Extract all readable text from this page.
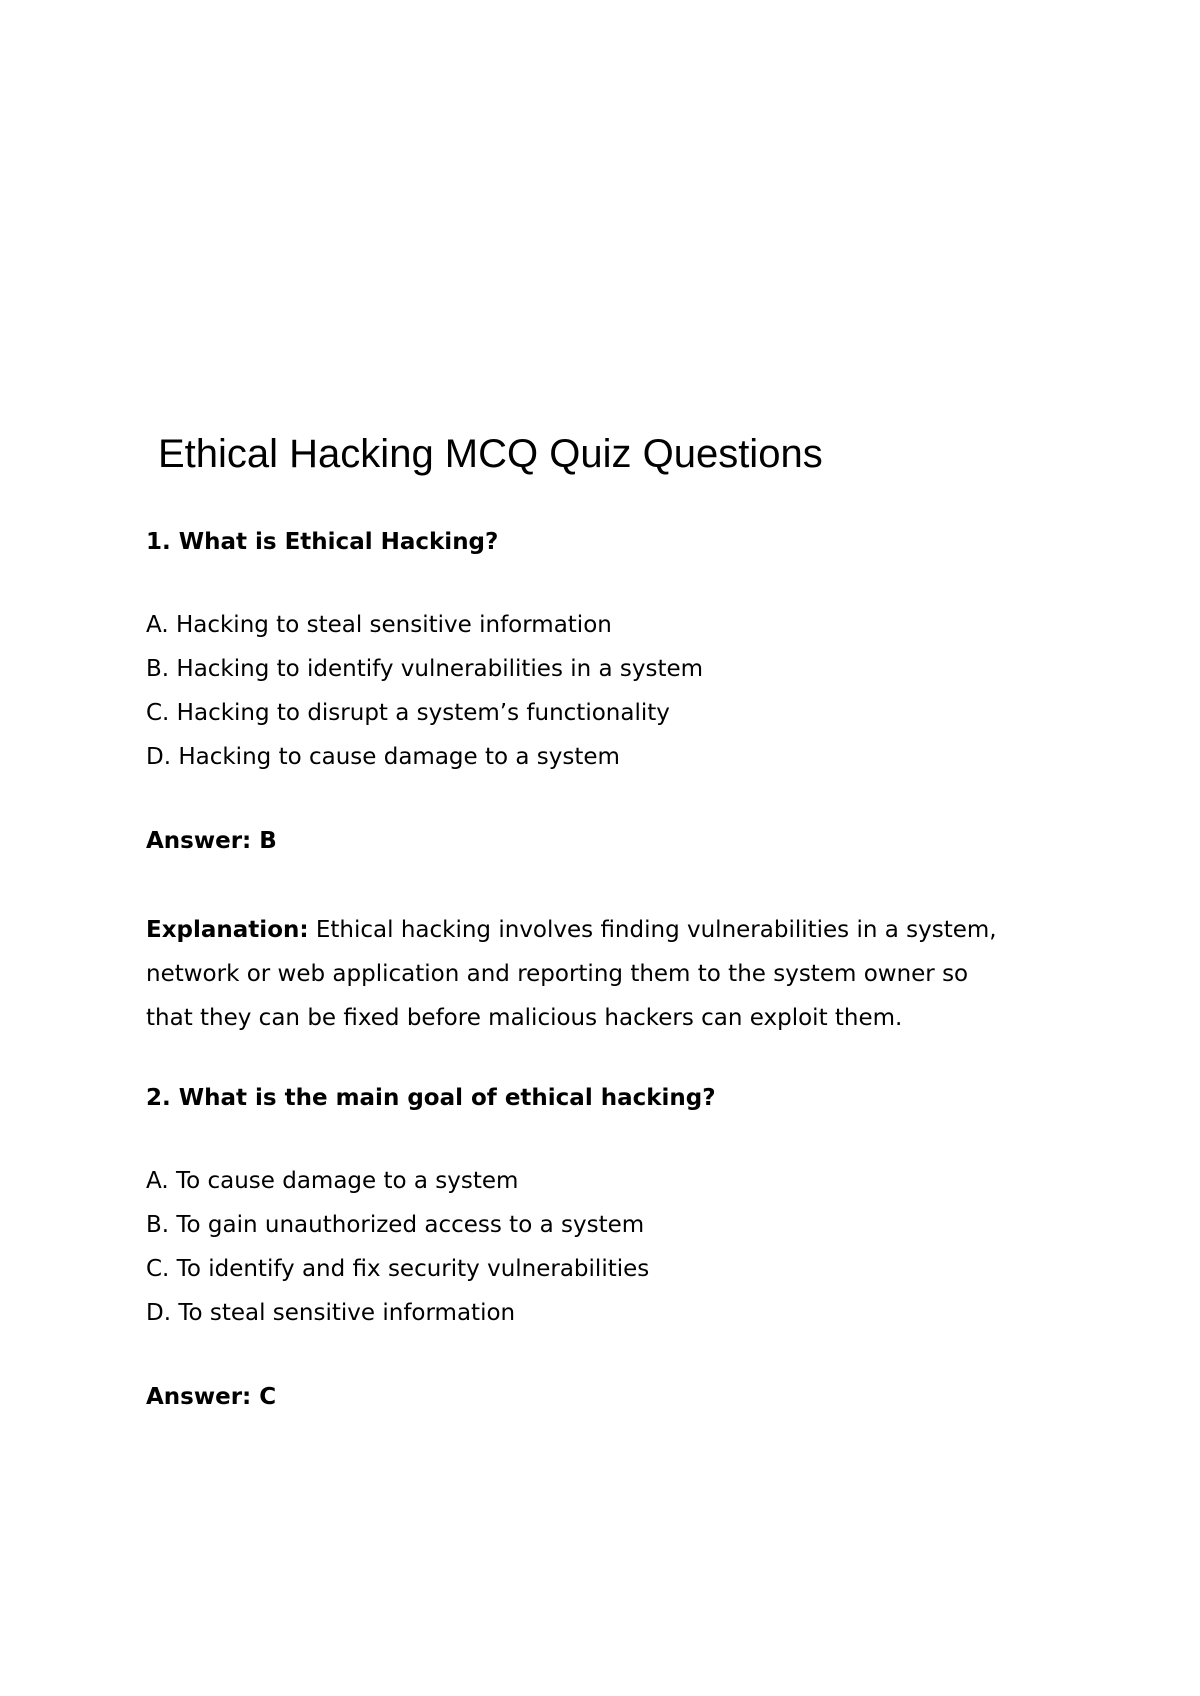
Ethical Hacking MCQ Quiz Questions
1. What is Ethical Hacking?
A. Hacking to steal sensitive information
B. Hacking to identify vulnerabilities in a system
C. Hacking to disrupt a system’s functionality
D. Hacking to cause damage to a system
Answer: B
Explanation: Ethical hacking involves finding vulnerabilities in a system,
network or web application and reporting them to the system owner so
that they can be fixed before malicious hackers can exploit them.
2. What is the main goal of ethical hacking?
A. To cause damage to a system
B. To gain unauthorized access to a system
C. To identify and fix security vulnerabilities
D. To steal sensitive information
Answer: C
